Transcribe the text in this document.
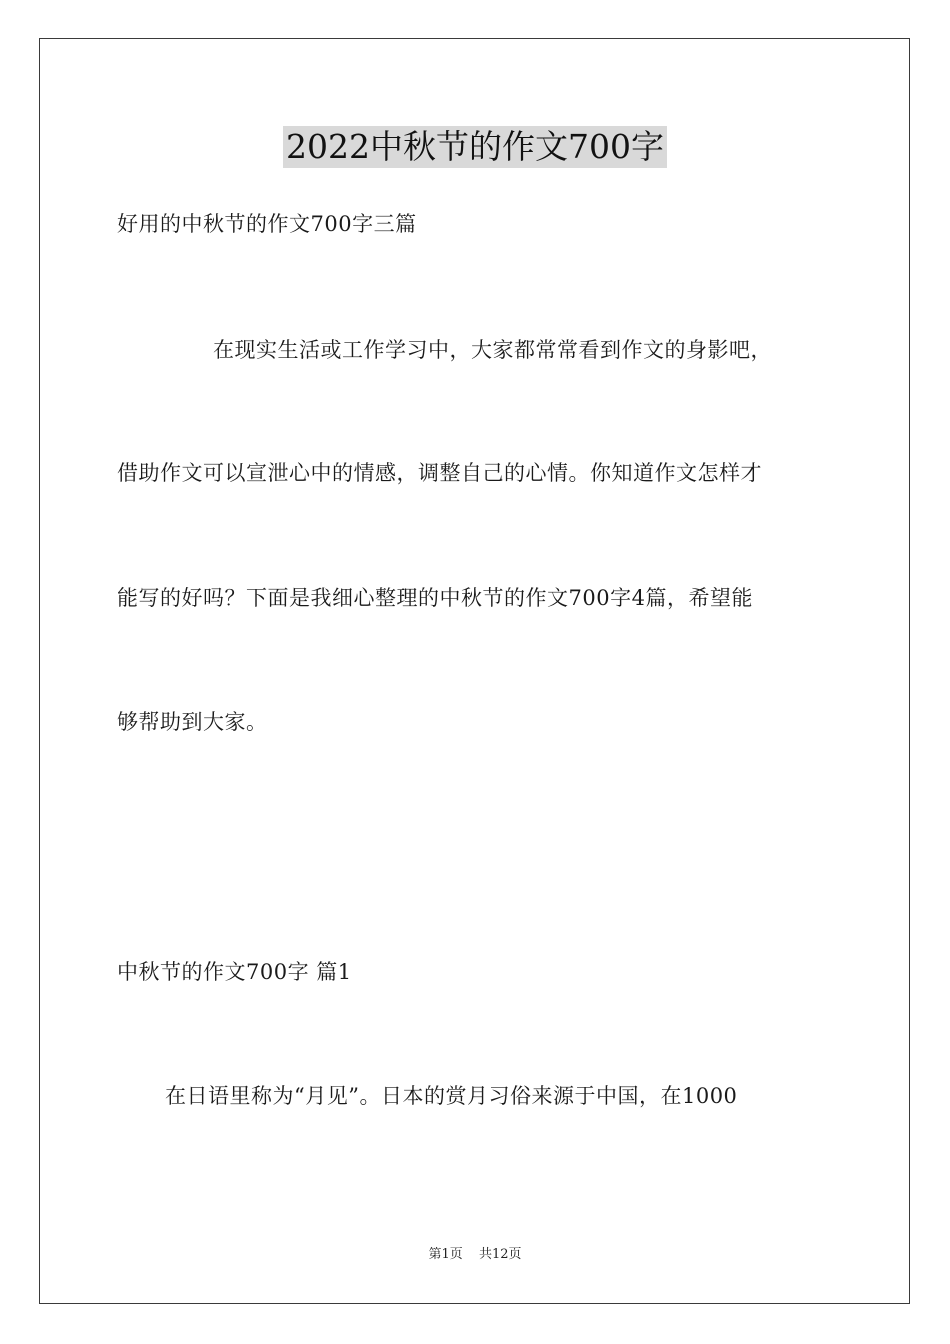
2022中秋节的作文700字
好用的中秋节的作文700字三篇
在现实生活或工作学习中，大家都常常看到作文的身影吧，
借助作文可以宣泄心中的情感，调整自己的心情。你知道作文怎样才
能写的好吗？下面是我细心整理的中秋节的作文700字4篇，希望能
够帮助到大家。
中秋节的作文700字 篇1
在日语里称为“月见”。日本的赏月习俗来源于中国，在1000
第1页 共12页
